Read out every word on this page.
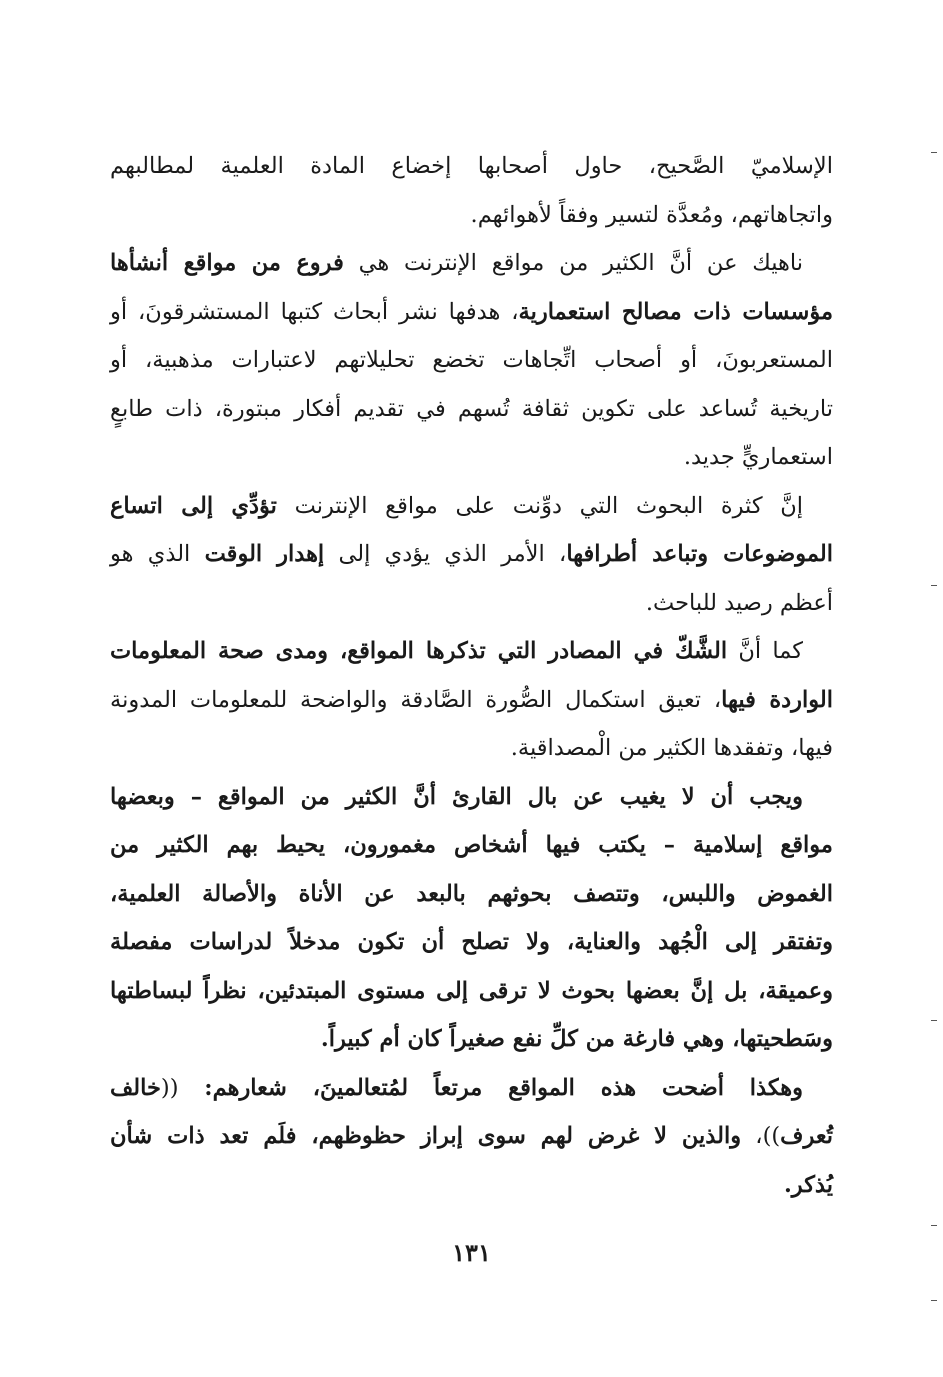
الإسلاميّ الصَّحيح، حاول أصحابها إخضاع المادة العلمية لمطالبهم
واتجاهاتهم، ومُعدَّة لتسير وفقاً لأهوائهم.
ناهيك عن أنَّ الكثير من مواقع الإنترنت هي فروع من مواقع أنشأها
مؤسسات ذات مصالح استعمارية، هدفها نشر أبحاث كتبها المستشرقونَ، أو
المستعربونَ، أو أصحاب اتِّجاهات تخضع تحليلاتهم لاعتبارات مذهبية، أو
تاريخية تُساعد على تكوين ثقافة تُسهم في تقديم أفكار مبتورة، ذات طابعٍ
استعماريٍّ جديد.
إنَّ كثرة البحوث التي دوِّنت على مواقع الإنترنت تؤدِّي إلى اتساع
الموضوعات وتباعد أطرافها، الأمر الذي يؤدي إلى إهدار الوقت الذي هو
أعظم رصيد للباحث.
كما أنَّ الشَّكّ في المصادر التي تذكرها المواقع، ومدى صحة المعلومات
الواردة فيها، تعيق استكمال الصُّورة الصَّادقة والواضحة للمعلومات المدونة
فيها، وتفقدها الكثير من الْمصداقية.
ويجب أن لا يغيب عن بال القارئ أنَّ الكثير من المواقع – وبعضها
مواقع إسلامية – يكتب فيها أشخاص مغمورون، يحيط بهم الكثير من
الغموض واللبس، وتتصف بحوثهم بالبعد عن الأناة والأصالة العلمية،
وتفتقر إلى الْجُهد والعناية، ولا تصلح أن تكون مدخلاً لدراسات مفصلة
وعميقة، بل إنَّ بعضها بحوث لا ترقى إلى مستوى المبتدئين، نظراً لبساطتها
وسَطحيتها، وهي فارغة من كلِّ نفع صغيراً كان أم كبيراً.
وهكذا أضحت هذه المواقع مرتعاً لمُتعالمينَ، شعارهم: ((خالف
تُعرف))، والذين لا غرض لهم سوى إبراز حظوظهم، فلَم تعد ذات شأن
يُذكر.
١٣١
